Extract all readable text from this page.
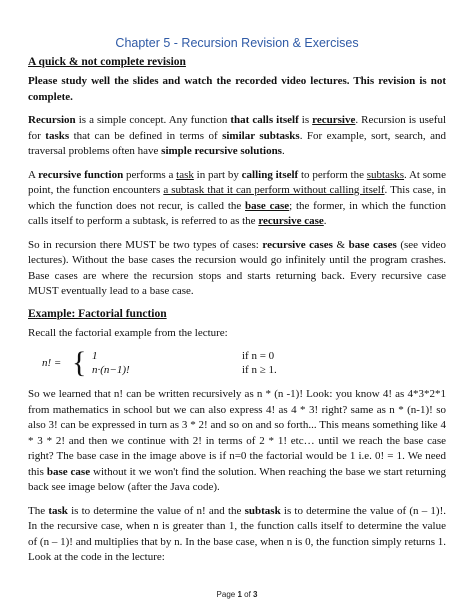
Chapter 5 - Recursion Revision & Exercises
A quick & not complete revision

Please study well the slides and watch the recorded video lectures. This revision is not complete.

Recursion is a simple concept. Any function that calls itself is recursive. Recursion is useful for tasks that can be defined in terms of similar subtasks. For example, sort, search, and traversal problems often have simple recursive solutions.

A recursive function performs a task in part by calling itself to perform the subtasks. At some point, the function encounters a subtask that it can perform without calling itself. This case, in which the function does not recur, is called the base case; the former, in which the function calls itself to perform a subtask, is referred to as the recursive case.

So in recursion there MUST be two types of cases: recursive cases & base cases (see video lectures). Without the base cases the recursion would go infinitely until the program crashes. Base cases are where the recursion stops and starts returning back. Every recursive case MUST eventually lead to a base case.

Example: Factorial function

Recall the factorial example from the lecture:

n! = { 1
n·(n−1)!
if n = 0
if n ≥ 1.

So we learned that n! can be written recursively as n * (n -1)! Look: you know 4! as 4*3*2*1 from mathematics in school but we can also express 4! as 4 * 3! right? same as n * (n-1)! so also 3! can be expressed in turn as 3 * 2! and so on and so forth... This means something like 4 * 3 * 2! and then we continue with 2! in terms of 2 * 1! etc… until we reach the base case right? The base case in the image above is if n=0 the factorial would be 1 i.e. 0! = 1. We need this base case without it we won't find the solution. When reaching the base we start returning back see image below (after the Java code).

The task is to determine the value of n! and the subtask is to determine the value of (n – 1)!. In the recursive case, when n is greater than 1, the function calls itself to determine the value of (n – 1)! and multiplies that by n. In the base case, when n is 0, the function simply returns 1. Look at the code in the lecture:

Page 1 of 3
